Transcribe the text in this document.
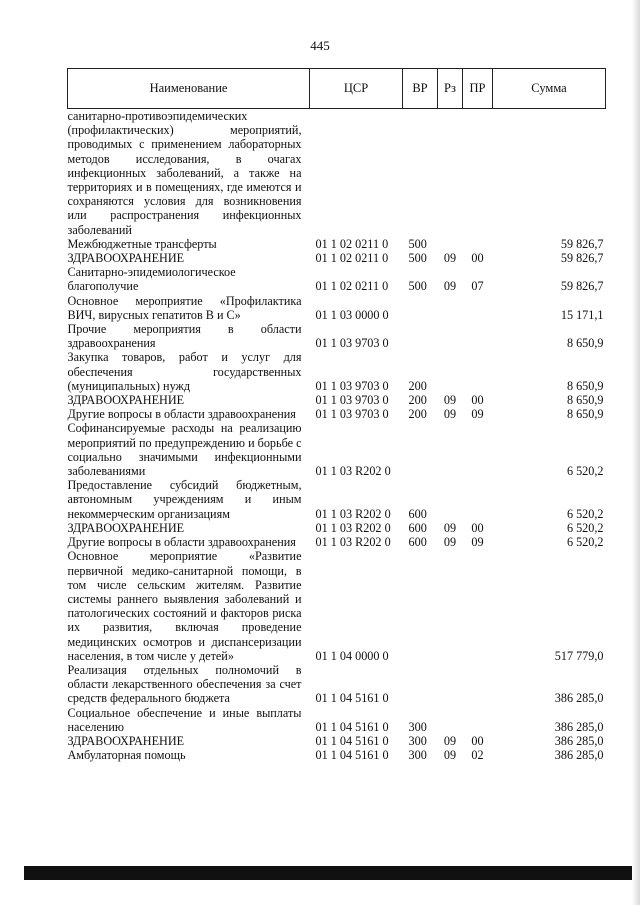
445
Наименование	ЦСР	ВР	Рз	ПР	Сумма
санитарно-противоэпидемических (профилактических) мероприятий, проводимых с применением лабораторных методов исследования, в очагах инфекционных заболеваний, а также на территориях и в помещениях, где имеются и сохраняются условия для возникновения или распространения инфекционных заболеваний					
Межбюджетные трансферты	01 1 02 0211 0	500			59 826,7
ЗДРАВООХРАНЕНИЕ	01 1 02 0211 0	500	09	00	59 826,7
Санитарно-эпидемиологическое благополучие	01 1 02 0211 0	500	09	07	59 826,7
Основное мероприятие «Профилактика ВИЧ, вирусных гепатитов В и С»	01 1 03 0000 0				15 171,1
Прочие мероприятия в области здравоохранения	01 1 03 9703 0				8 650,9
Закупка товаров, работ и услуг для обеспечения государственных (муниципальных) нужд	01 1 03 9703 0	200			8 650,9
ЗДРАВООХРАНЕНИЕ	01 1 03 9703 0	200	09	00	8 650,9
Другие вопросы в области здравоохранения	01 1 03 9703 0	200	09	09	8 650,9
Софинансируемые расходы на реализацию мероприятий по предупреждению и борьбе с социально значимыми инфекционными заболеваниями	01 1 03 R202 0				6 520,2
Предоставление субсидий бюджетным, автономным учреждениям и иным некоммерческим организациям	01 1 03 R202 0	600			6 520,2
ЗДРАВООХРАНЕНИЕ	01 1 03 R202 0	600	09	00	6 520,2
Другие вопросы в области здравоохранения	01 1 03 R202 0	600	09	09	6 520,2
Основное мероприятие «Развитие первичной медико-санитарной помощи, в том числе сельским жителям. Развитие системы раннего выявления заболеваний и патологических состояний и факторов риска их развития, включая проведение медицинских осмотров и диспансеризации населения, в том числе у детей»	01 1 04 0000 0				517 779,0
Реализация отдельных полномочий в области лекарственного обеспечения за счет средств федерального бюджета	01 1 04 5161 0				386 285,0
Социальное обеспечение и иные выплаты населению	01 1 04 5161 0	300			386 285,0
ЗДРАВООХРАНЕНИЕ	01 1 04 5161 0	300	09	00	386 285,0
Амбулаторная помощь	01 1 04 5161 0	300	09	02	386 285,0
